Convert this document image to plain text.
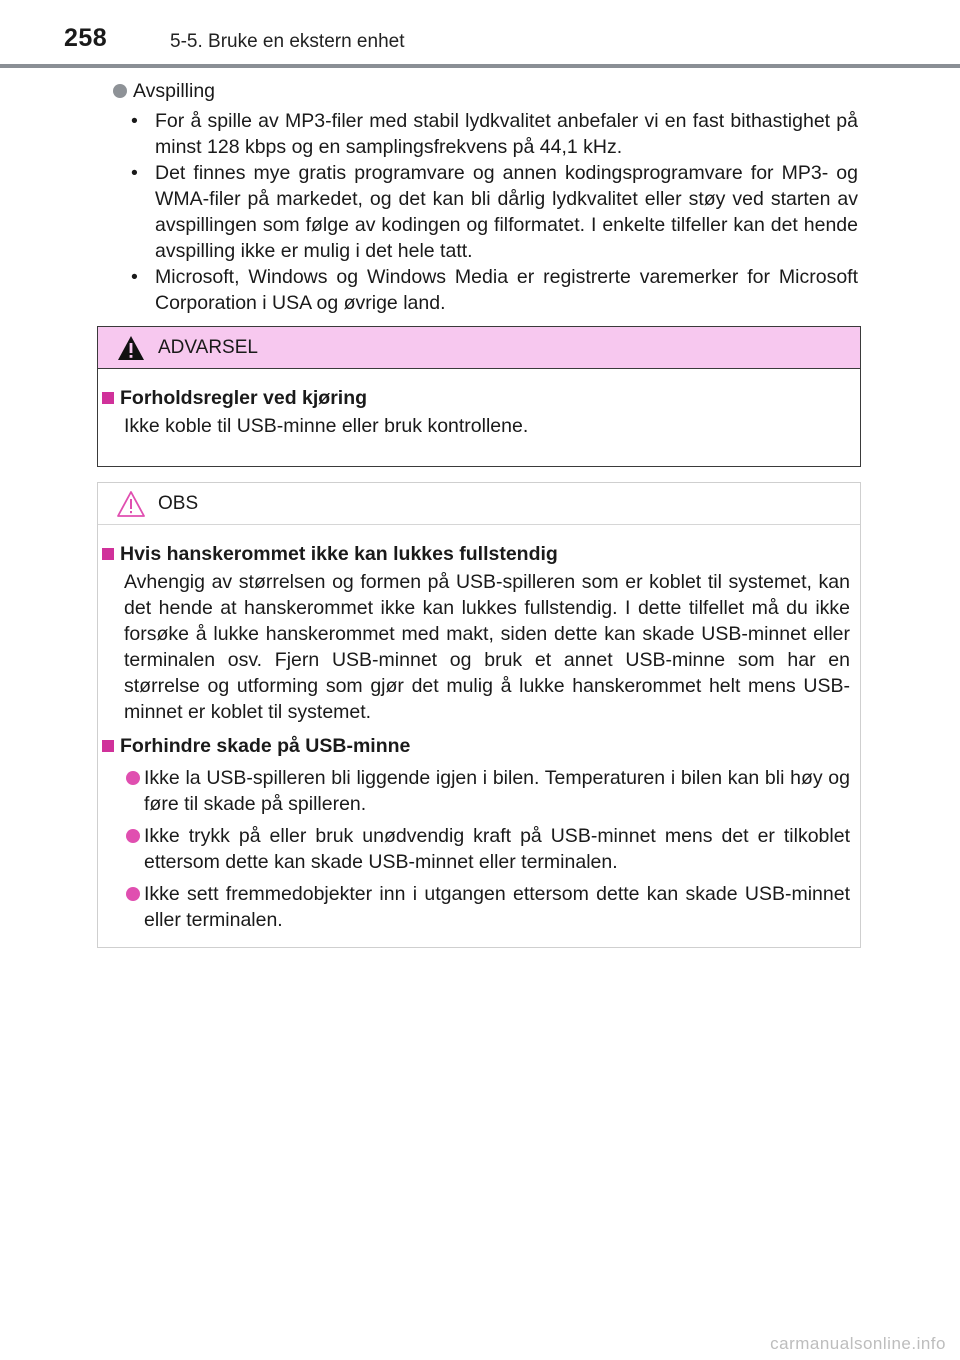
258	5-5. Bruke en ekstern enhet
Avspilling
• For å spille av MP3-filer med stabil lydkvalitet anbefaler vi en fast bithastighet på minst 128 kbps og en samplingsfrekvens på 44,1 kHz.
• Det finnes mye gratis programvare og annen kodingsprogramvare for MP3- og WMA-filer på markedet, og det kan bli dårlig lydkvalitet eller støy ved starten av avspillingen som følge av kodingen og filformatet. I enkelte tilfeller kan det hende avspilling ikke er mulig i det hele tatt.
• Microsoft, Windows og Windows Media er registrerte varemerker for Microsoft Corporation i USA og øvrige land.
ADVARSEL
Forholdsregler ved kjøring
Ikke koble til USB-minne eller bruk kontrollene.
OBS
Hvis hanskerommet ikke kan lukkes fullstendig
Avhengig av størrelsen og formen på USB-spilleren som er koblet til systemet, kan det hende at hanskerommet ikke kan lukkes fullstendig. I dette tilfellet må du ikke forsøke å lukke hanskerommet med makt, siden dette kan skade USB-minnet eller terminalen osv. Fjern USB-minnet og bruk et annet USB-minne som har en størrelse og utforming som gjør det mulig å lukke hanskerommet helt mens USB-minnet er koblet til systemet.
Forhindre skade på USB-minne
Ikke la USB-spilleren bli liggende igjen i bilen. Temperaturen i bilen kan bli høy og føre til skade på spilleren.
Ikke trykk på eller bruk unødvendig kraft på USB-minnet mens det er tilkoblet ettersom dette kan skade USB-minnet eller terminalen.
Ikke sett fremmedobjekter inn i utgangen ettersom dette kan skade USB-minnet eller terminalen.
carmanualsonline.info
